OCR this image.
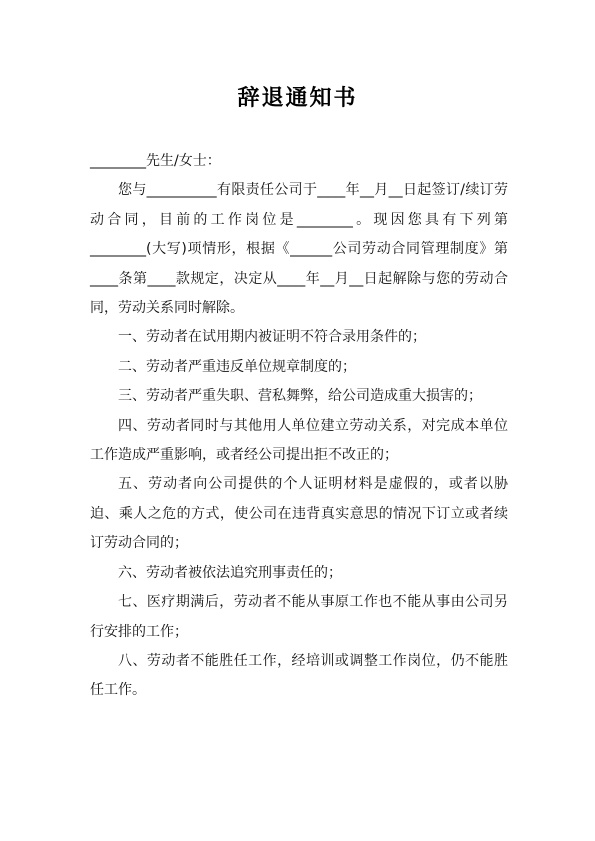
辞退通知书

________先生/女士：

您与__________有限责任公司于____年__月__日起签订/续订劳动合同，目前的工作岗位是________。现因您具有下列第________(大写)项情形，根据《______公司劳动合同管理制度》第____条第____款规定，决定从____年__月__日起解除与您的劳动合同，劳动关系同时解除。

一、劳动者在试用期内被证明不符合录用条件的；

二、劳动者严重违反单位规章制度的；

三、劳动者严重失职、营私舞弊，给公司造成重大损害的；

四、劳动者同时与其他用人单位建立劳动关系，对完成本单位工作造成严重影响，或者经公司提出拒不改正的；

五、劳动者向公司提供的个人证明材料是虚假的，或者以胁迫、乘人之危的方式，使公司在违背真实意思的情况下订立或者续订劳动合同的；

六、劳动者被依法追究刑事责任的；

七、医疗期满后，劳动者不能从事原工作也不能从事由公司另行安排的工作；

八、劳动者不能胜任工作，经培训或调整工作岗位，仍不能胜任工作。
